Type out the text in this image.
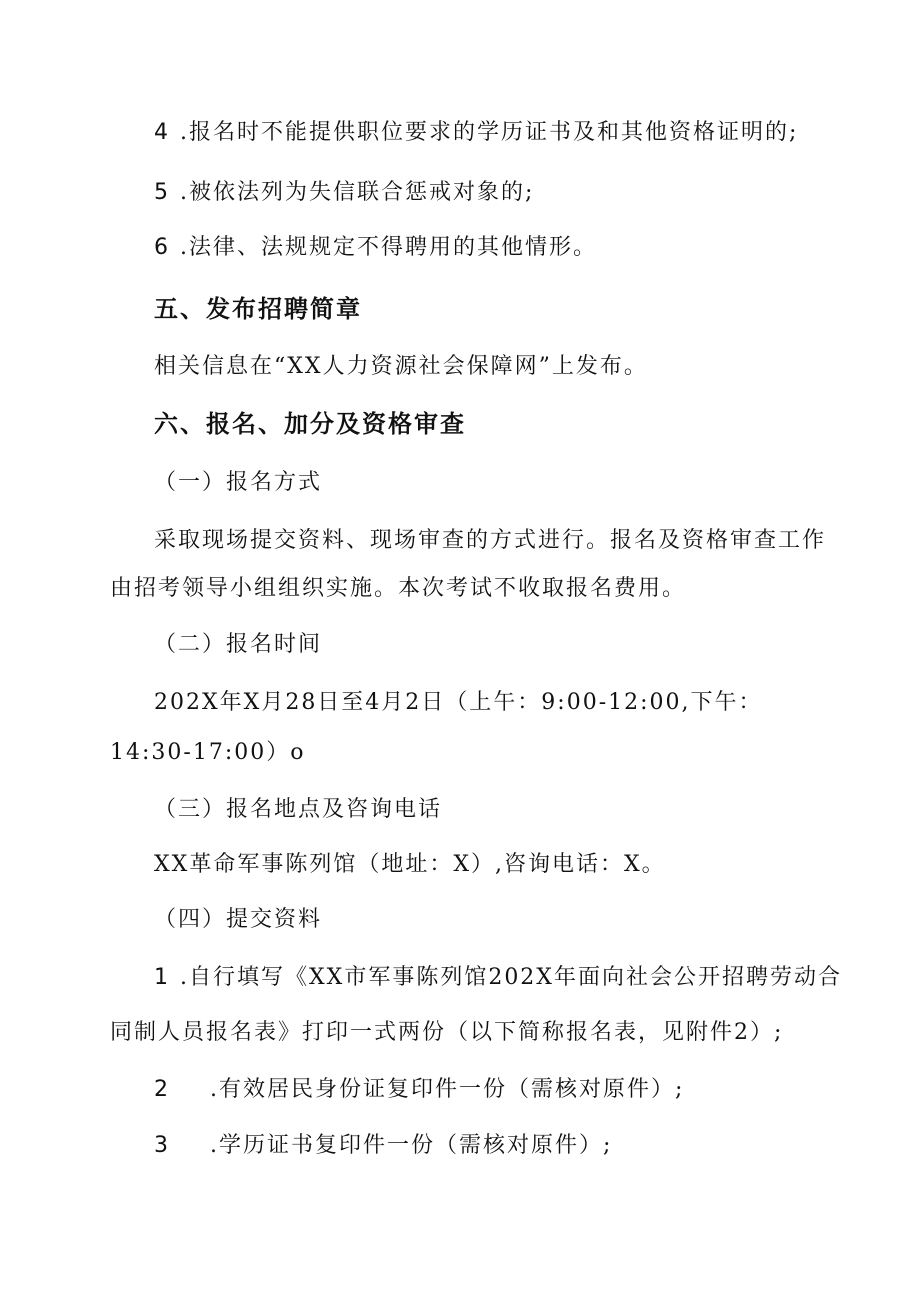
4 .报名时不能提供职位要求的学历证书及和其他资格证明的;
5 .被依法列为失信联合惩戒对象的;
6 .法律、法规规定不得聘用的其他情形。
五、发布招聘简章
相关信息在“XX人力资源社会保障网”上发布。
六、报名、加分及资格审查
（一）报名方式
采取现场提交资料、现场审查的方式进行。报名及资格审查工作
由招考领导小组组织实施。本次考试不收取报名费用。
（二）报名时间
202X年X月28日至4月2日（上午：9:00-12:00,下午：
14:30-17:00）o
（三）报名地点及咨询电话
XX革命军事陈列馆（地址：X）,咨询电话：X。
（四）提交资料
1 .自行填写《XX市军事陈列馆202X年面向社会公开招聘劳动合
同制人员报名表》打印一式两份（以下简称报名表，见附件2）;
2 .有效居民身份证复印件一份（需核对原件）;
3 .学历证书复印件一份（需核对原件）;
